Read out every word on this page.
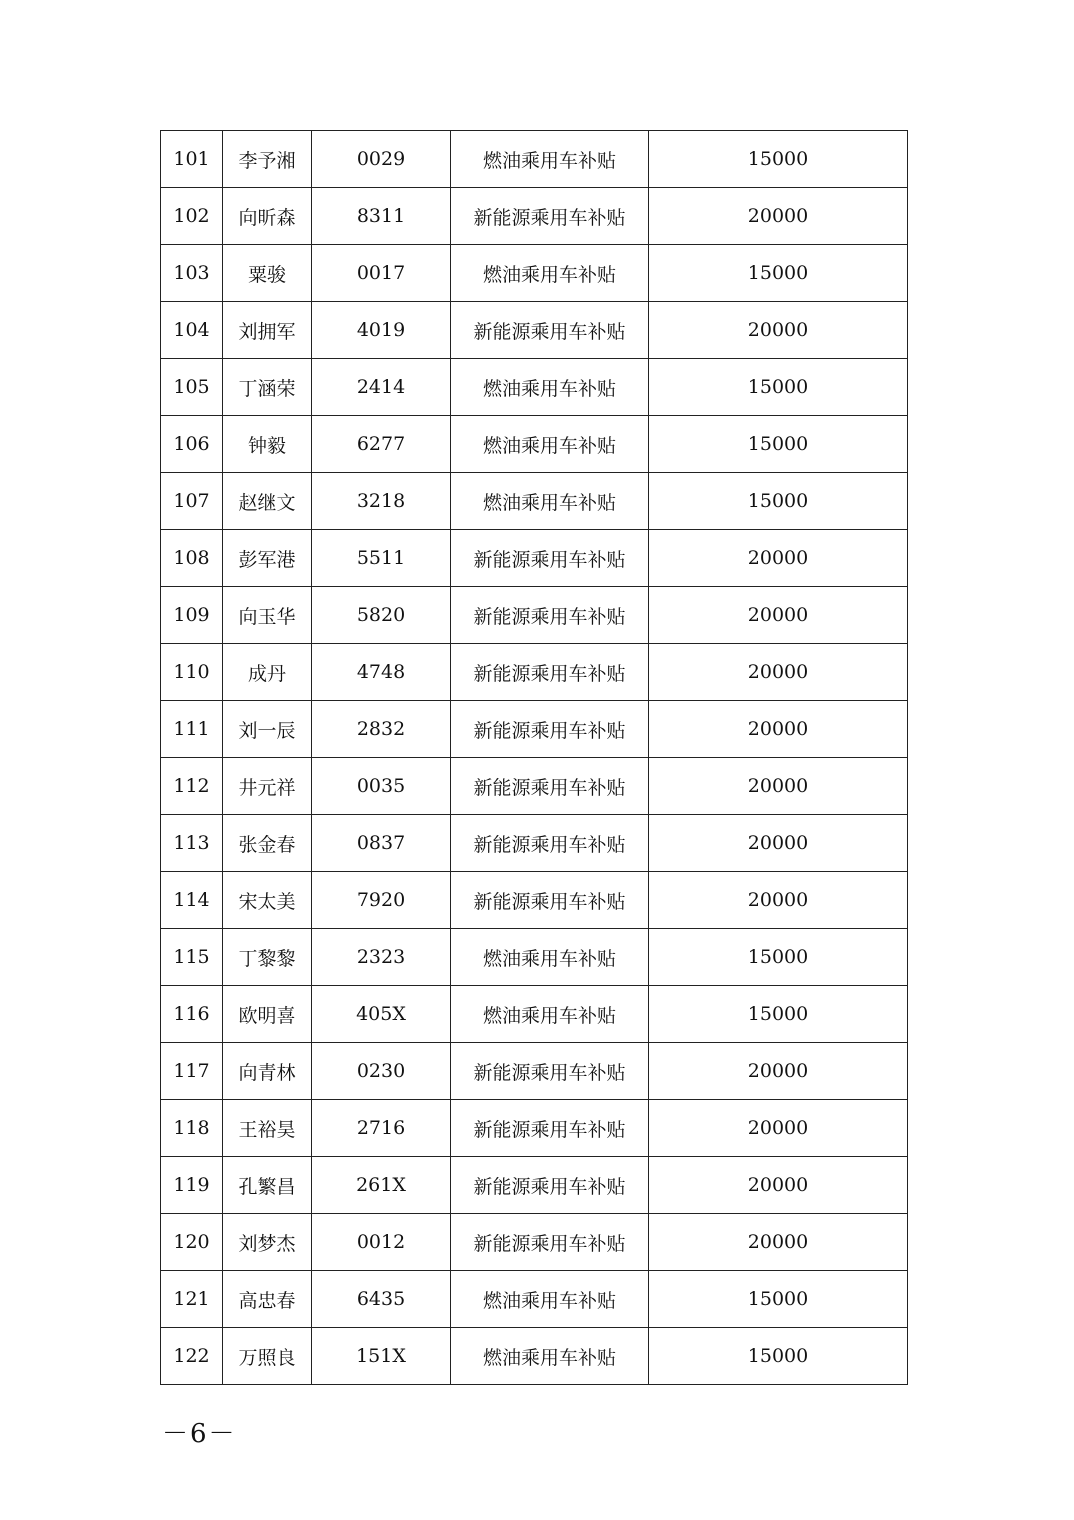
101	李予湘	0029	燃油乘用车补贴	15000
102	向昕森	8311	新能源乘用车补贴	20000
103	粟骏	0017	燃油乘用车补贴	15000
104	刘拥军	4019	新能源乘用车补贴	20000
105	丁涵荣	2414	燃油乘用车补贴	15000
106	钟毅	6277	燃油乘用车补贴	15000
107	赵继文	3218	燃油乘用车补贴	15000
108	彭军港	5511	新能源乘用车补贴	20000
109	向玉华	5820	新能源乘用车补贴	20000
110	成丹	4748	新能源乘用车补贴	20000
111	刘一辰	2832	新能源乘用车补贴	20000
112	井元祥	0035	新能源乘用车补贴	20000
113	张金春	0837	新能源乘用车补贴	20000
114	宋太美	7920	新能源乘用车补贴	20000
115	丁黎黎	2323	燃油乘用车补贴	15000
116	欧明喜	405X	燃油乘用车补贴	15000
117	向青林	0230	新能源乘用车补贴	20000
118	王裕昊	2716	新能源乘用车补贴	20000
119	孔繁昌	261X	新能源乘用车补贴	20000
120	刘梦杰	0012	新能源乘用车补贴	20000
121	高忠春	6435	燃油乘用车补贴	15000
122	万照良	151X	燃油乘用车补贴	15000
－6－
